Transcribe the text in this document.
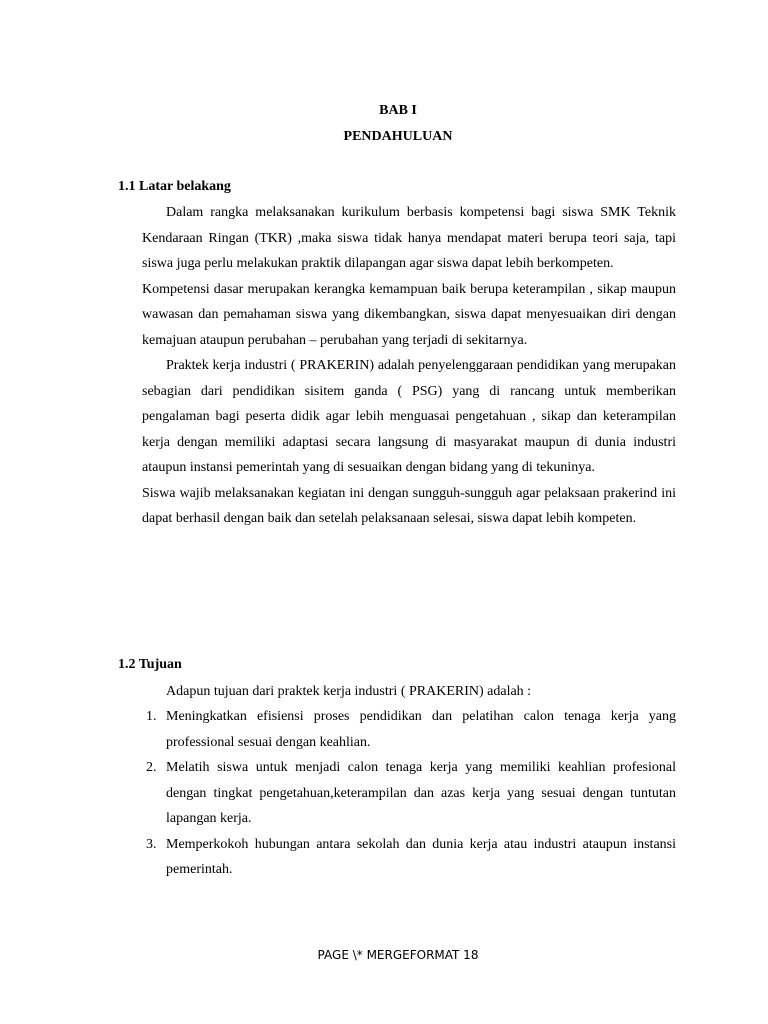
BAB I
PENDAHULUAN
1.1 Latar belakang

Dalam rangka melaksanakan kurikulum berbasis kompetensi bagi siswa SMK Teknik Kendaraan Ringan (TKR) ,maka siswa tidak hanya mendapat materi berupa teori saja, tapi siswa juga perlu melakukan praktik dilapangan agar siswa dapat lebih berkompeten.

Kompetensi dasar merupakan kerangka kemampuan baik berupa keterampilan , sikap maupun wawasan dan pemahaman siswa yang dikembangkan, siswa dapat menyesuaikan diri dengan kemajuan ataupun perubahan – perubahan yang terjadi di sekitarnya.

Praktek kerja industri ( PRAKERIN) adalah penyelenggaraan pendidikan yang merupakan sebagian dari pendidikan sisitem ganda ( PSG) yang di rancang untuk memberikan pengalaman bagi peserta didik agar lebih menguasai pengetahuan , sikap dan keterampilan kerja dengan memiliki adaptasi secara langsung di masyarakat maupun di dunia industri ataupun instansi pemerintah yang di sesuaikan dengan bidang yang di tekuninya.

Siswa wajib melaksanakan kegiatan ini dengan sungguh-sungguh agar pelaksaan prakerind ini dapat berhasil dengan baik dan setelah pelaksanaan selesai, siswa dapat lebih kompeten.

1.2 Tujuan

Adapun tujuan dari praktek kerja industri ( PRAKERIN) adalah :

1. Meningkatkan efisiensi proses pendidikan dan pelatihan calon tenaga kerja yang professional sesuai dengan keahlian.
2. Melatih siswa untuk menjadi calon tenaga kerja yang memiliki keahlian profesional dengan tingkat pengetahuan,keterampilan dan azas kerja yang sesuai dengan tuntutan lapangan kerja.
3. Memperkokoh hubungan antara sekolah dan dunia kerja atau industri ataupun instansi pemerintah.
PAGE \* MERGEFORMAT 18
